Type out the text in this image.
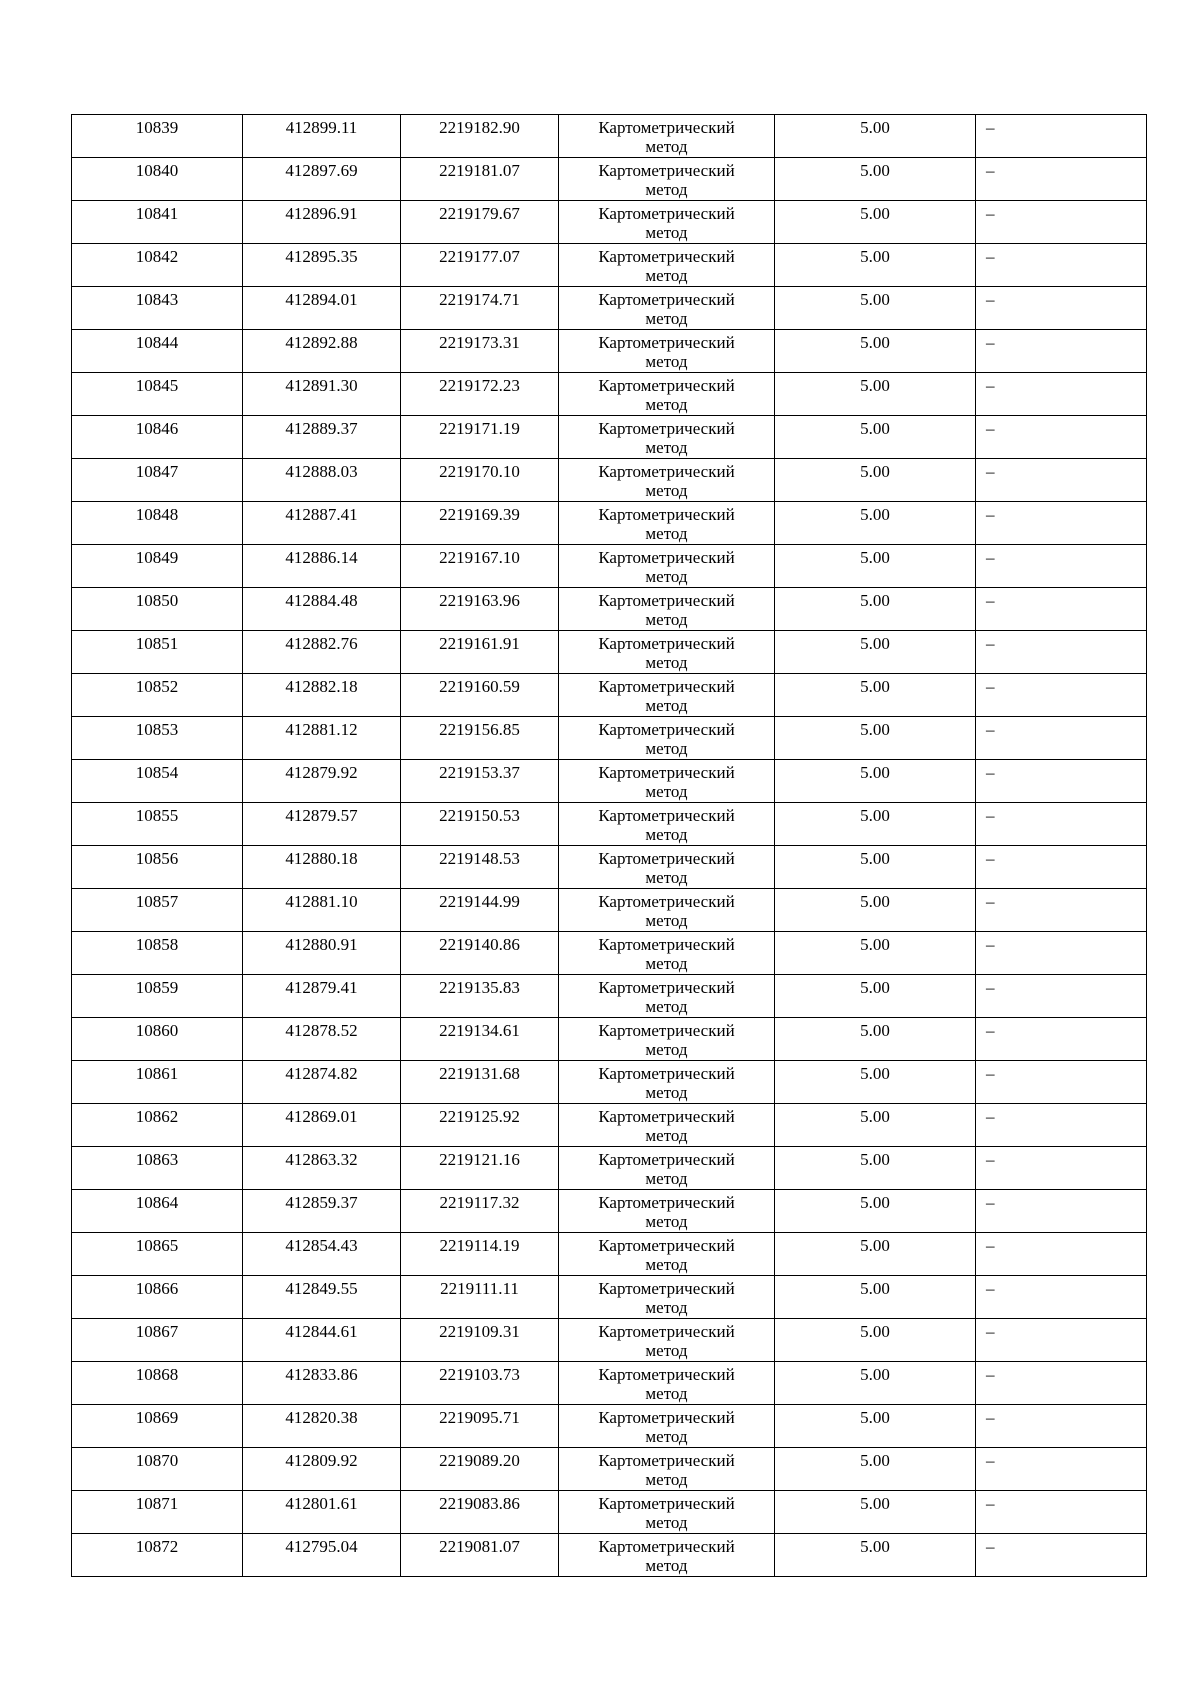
10839	412899.11	2219182.90	Картометрический
метод	5.00	–

10840	412897.69	2219181.07	Картометрический
метод	5.00	–

10841	412896.91	2219179.67	Картометрический
метод	5.00	–

10842	412895.35	2219177.07	Картометрический
метод	5.00	–

10843	412894.01	2219174.71	Картометрический
метод	5.00	–

10844	412892.88	2219173.31	Картометрический
метод	5.00	–

10845	412891.30	2219172.23	Картометрический
метод	5.00	–

10846	412889.37	2219171.19	Картометрический
метод	5.00	–

10847	412888.03	2219170.10	Картометрический
метод	5.00	–

10848	412887.41	2219169.39	Картометрический
метод	5.00	–

10849	412886.14	2219167.10	Картометрический
метод	5.00	–

10850	412884.48	2219163.96	Картометрический
метод	5.00	–

10851	412882.76	2219161.91	Картометрический
метод	5.00	–

10852	412882.18	2219160.59	Картометрический
метод	5.00	–

10853	412881.12	2219156.85	Картометрический
метод	5.00	–

10854	412879.92	2219153.37	Картометрический
метод	5.00	–

10855	412879.57	2219150.53	Картометрический
метод	5.00	–

10856	412880.18	2219148.53	Картометрический
метод	5.00	–

10857	412881.10	2219144.99	Картометрический
метод	5.00	–

10858	412880.91	2219140.86	Картометрический
метод	5.00	–

10859	412879.41	2219135.83	Картометрический
метод	5.00	–

10860	412878.52	2219134.61	Картометрический
метод	5.00	–

10861	412874.82	2219131.68	Картометрический
метод	5.00	–

10862	412869.01	2219125.92	Картометрический
метод	5.00	–

10863	412863.32	2219121.16	Картометрический
метод	5.00	–

10864	412859.37	2219117.32	Картометрический
метод	5.00	–

10865	412854.43	2219114.19	Картометрический
метод	5.00	–

10866	412849.55	2219111.11	Картометрический
метод	5.00	–

10867	412844.61	2219109.31	Картометрический
метод	5.00	–

10868	412833.86	2219103.73	Картометрический
метод	5.00	–

10869	412820.38	2219095.71	Картометрический
метод	5.00	–

10870	412809.92	2219089.20	Картометрический
метод	5.00	–

10871	412801.61	2219083.86	Картометрический
метод	5.00	–

10872	412795.04	2219081.07	Картометрический
метод	5.00	–
